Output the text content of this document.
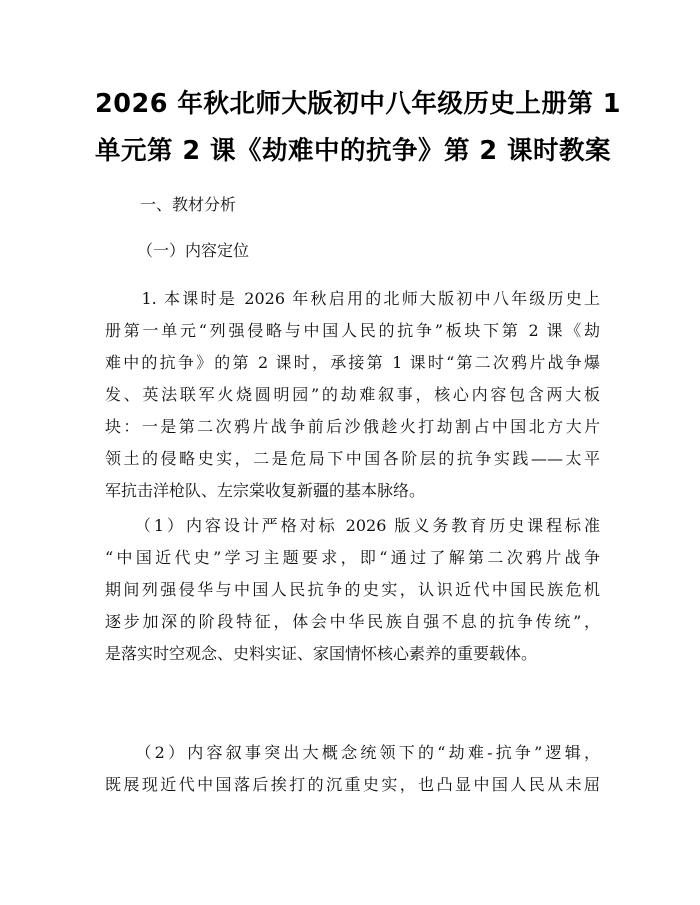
2026 年秋北师大版初中八年级历史上册第 1
单元第 2 课《劫难中的抗争》第 2 课时教案

一、教材分析

（一）内容定位

　　1. 本课时是 2026 年秋启用的北师大版初中八年级历史上
册第一单元“列强侵略与中国人民的抗争”板块下第 2 课《劫
难中的抗争》的第 2 课时，承接第 1 课时“第二次鸦片战争爆
发、英法联军火烧圆明园”的劫难叙事，核心内容包含两大板
块：一是第二次鸦片战争前后沙俄趁火打劫割占中国北方大片
领土的侵略史实，二是危局下中国各阶层的抗争实践——太平
军抗击洋枪队、左宗棠收复新疆的基本脉络。
　　（1）内容设计严格对标 2026 版义务教育历史课程标准
“中国近代史”学习主题要求，即“通过了解第二次鸦片战争
期间列强侵华与中国人民抗争的史实，认识近代中国民族危机
逐步加深的阶段特征，体会中华民族自强不息的抗争传统”，
是落实时空观念、史料实证、家国情怀核心素养的重要载体。
　　（2）内容叙事突出大概念统领下的“劫难-抗争”逻辑，
既展现近代中国落后挨打的沉重史实，也凸显中国人民从未屈
